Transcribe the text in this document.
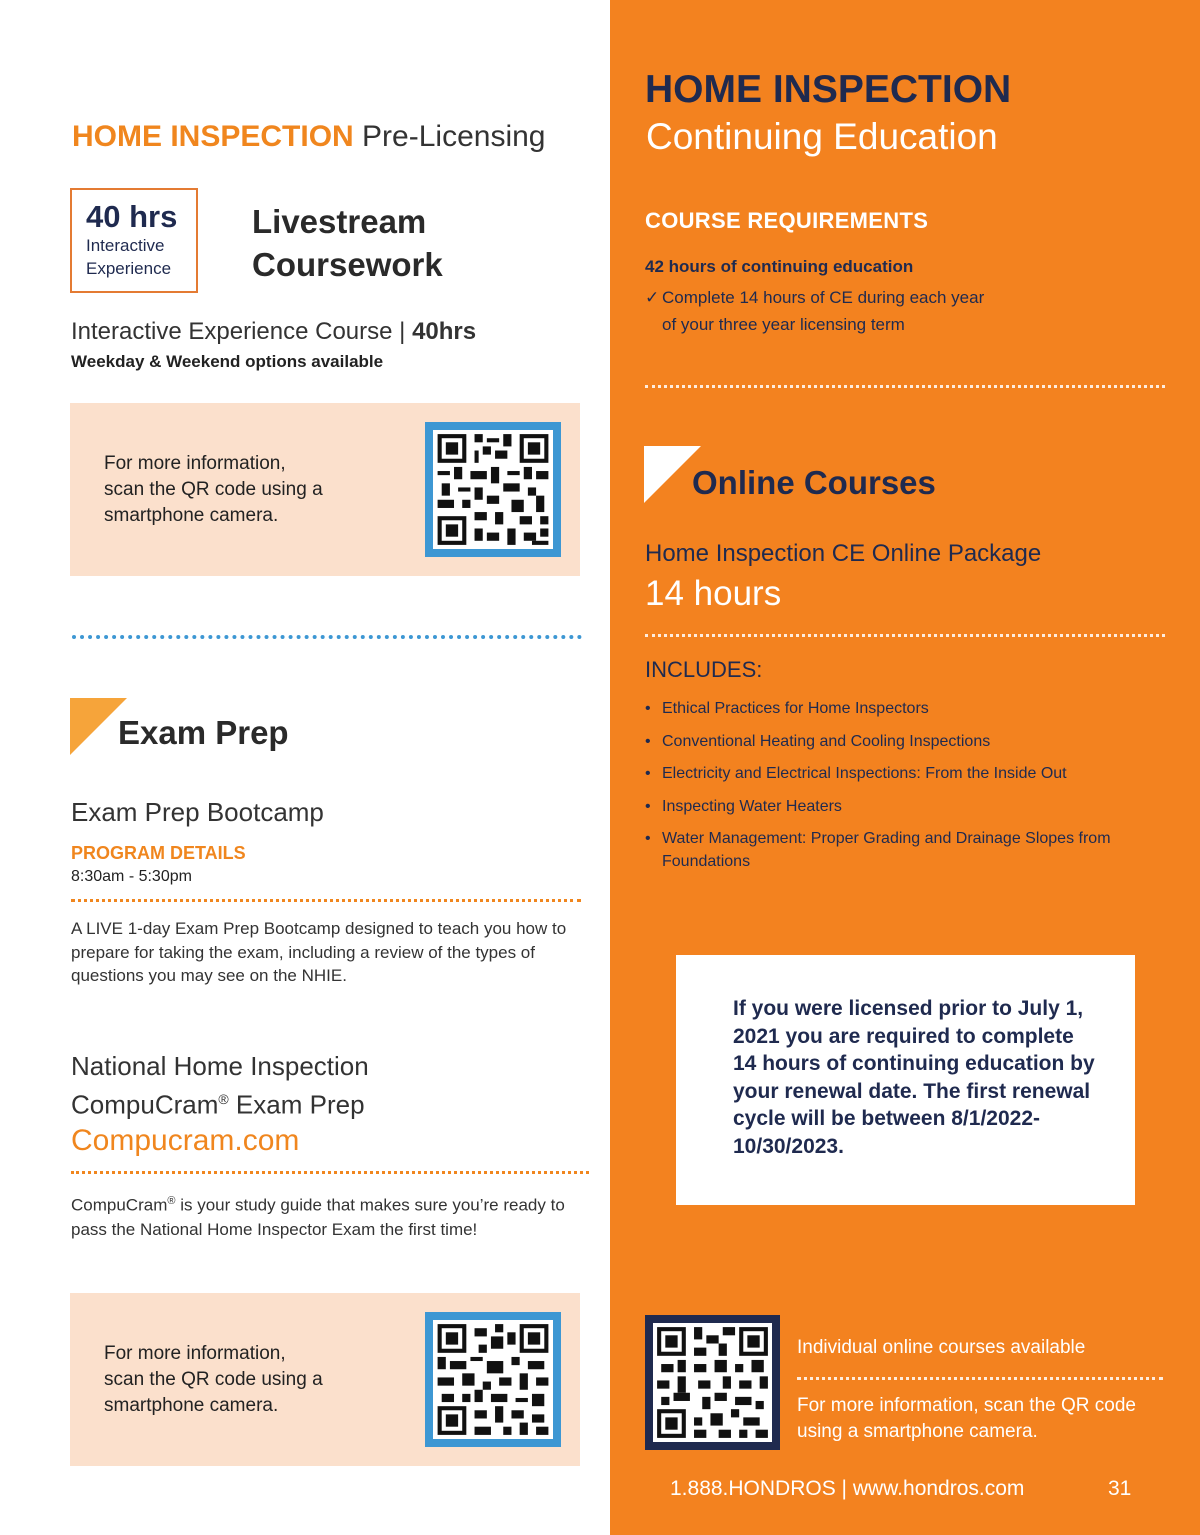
HOME INSPECTION Pre-Licensing
40 hrs
Interactive
Experience
Livestream
Coursework
Interactive Experience Course | 40hrs
Weekday & Weekend options available
For more information,
scan the QR code using a
smartphone camera.
Exam Prep
Exam Prep Bootcamp
PROGRAM DETAILS
8:30am - 5:30pm
A LIVE 1-day Exam Prep Bootcamp designed to teach you how to prepare for taking the exam, including a review of the types of questions you may see on the NHIE.
National Home Inspection
CompuCram® Exam Prep
Compucram.com
CompuCram® is your study guide that makes sure you’re ready to pass the National Home Inspector Exam the first time!
For more information,
scan the QR code using a
smartphone camera.
HOME INSPECTION
Continuing Education
COURSE REQUIREMENTS
42 hours of continuing education
✓ Complete 14 hours of CE during each year
of your three year licensing term
Online Courses
Home Inspection CE Online Package
14 hours
INCLUDES:
• Ethical Practices for Home Inspectors
• Conventional Heating and Cooling Inspections
• Electricity and Electrical Inspections: From the Inside Out
• Inspecting Water Heaters
• Water Management: Proper Grading and Drainage Slopes from Foundations

If you were licensed prior to July 1, 2021 you are required to complete 14 hours of continuing education by your renewal date. The first renewal cycle will be between 8/1/2022-10/30/2023.

Individual online courses available
For more information, scan the QR code using a smartphone camera.
1.888.HONDROS | www.hondros.com	31
